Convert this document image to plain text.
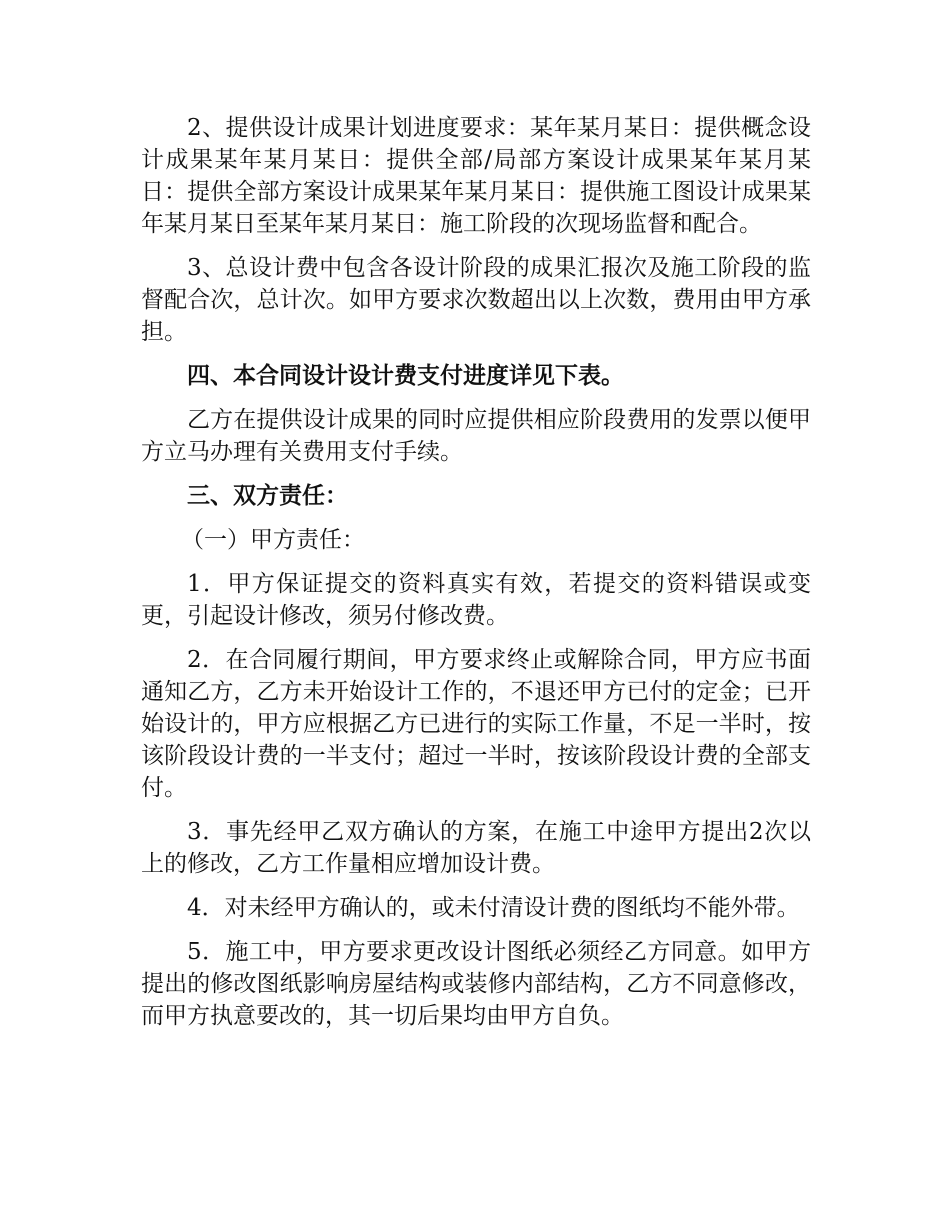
2、提供设计成果计划进度要求：某年某月某日：提供概念设计成果某年某月某日：提供全部/局部方案设计成果某年某月某日：提供全部方案设计成果某年某月某日：提供施工图设计成果某年某月某日至某年某月某日：施工阶段的次现场监督和配合。

3、总设计费中包含各设计阶段的成果汇报次及施工阶段的监督配合次，总计次。如甲方要求次数超出以上次数，费用由甲方承担。

四、本合同设计设计费支付进度详见下表。

乙方在提供设计成果的同时应提供相应阶段费用的发票以便甲方立马办理有关费用支付手续。

三、双方责任：

（一）甲方责任：

1．甲方保证提交的资料真实有效，若提交的资料错误或变更，引起设计修改，须另付修改费。

2．在合同履行期间，甲方要求终止或解除合同，甲方应书面通知乙方，乙方未开始设计工作的，不退还甲方已付的定金；已开始设计的，甲方应根据乙方已进行的实际工作量，不足一半时，按该阶段设计费的一半支付；超过一半时，按该阶段设计费的全部支付。

3．事先经甲乙双方确认的方案，在施工中途甲方提出2次以上的修改，乙方工作量相应增加设计费。

4．对未经甲方确认的，或未付清设计费的图纸均不能外带。

5．施工中，甲方要求更改设计图纸必须经乙方同意。如甲方提出的修改图纸影响房屋结构或装修内部结构，乙方不同意修改，而甲方执意要改的，其一切后果均由甲方自负。
